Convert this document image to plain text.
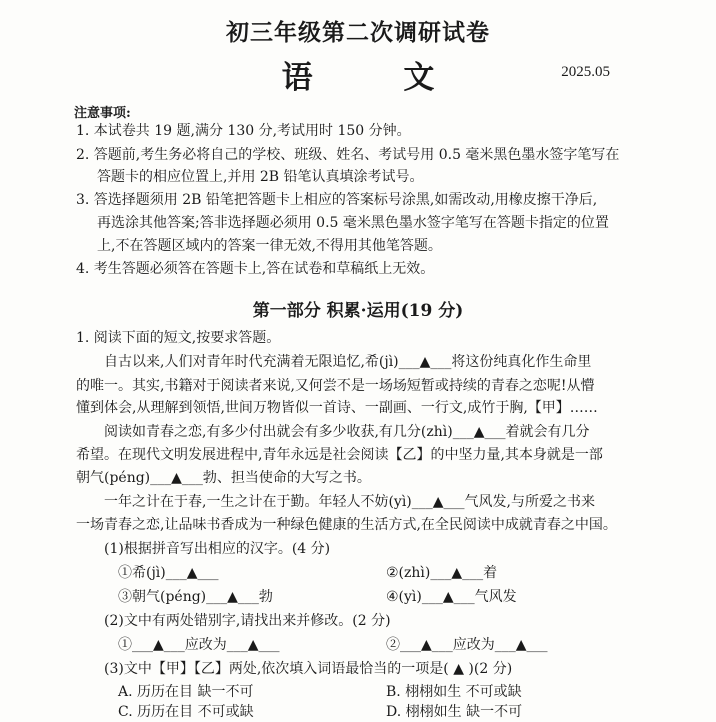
初三年级第二次调研试卷
语 文	2025.05
注意事项:
1. 本试卷共 19 题,满分 130 分,考试用时 150 分钟。
2. 答题前,考生务必将自己的学校、班级、姓名、考试号用 0.5 毫米黑色墨水签字笔写在
答题卡的相应位置上,并用 2B 铅笔认真填涂考试号。
3. 答选择题须用 2B 铅笔把答题卡上相应的答案标号涂黑,如需改动,用橡皮擦干净后,
再选涂其他答案;答非选择题必须用 0.5 毫米黑色墨水签字笔写在答题卡指定的位置
上,不在答题区域内的答案一律无效,不得用其他笔答题。
4. 考生答题必须答在答题卡上,答在试卷和草稿纸上无效。
第一部分 积累·运用(19 分)
1. 阅读下面的短文,按要求答题。
自古以来,人们对青年时代充满着无限追忆,希(jì)___▲___将这份纯真化作生命里
的唯一。其实,书籍对于阅读者来说,又何尝不是一场场短暂或持续的青春之恋呢!从懵
懂到体会,从理解到领悟,世间万物皆似一首诗、一副画、一行文,成竹于胸,【甲】……
阅读如青春之恋,有多少付出就会有多少收获,有几分(zhì)___▲___着就会有几分
希望。在现代文明发展进程中,青年永远是社会阅读【乙】的中坚力量,其本身就是一部
朝气(péng)___▲___勃、担当使命的大写之书。
一年之计在于春,一生之计在于勤。年轻人不妨(yì)___▲___气风发,与所爱之书来
一场青春之恋,让品味书香成为一种绿色健康的生活方式,在全民阅读中成就青春之中国。
(1)根据拼音写出相应的汉字。(4 分)
①希(jì)___▲___	②(zhì)___▲___着
③朝气(péng)___▲___勃	④(yì)___▲___气风发
(2)文中有两处错别字,请找出来并修改。(2 分)
①___▲___应改为___▲___	②___▲___应改为___▲___
(3)文中【甲】【乙】两处,依次填入词语最恰当的一项是( ▲ )(2 分)
A. 历历在目 缺一不可	B. 栩栩如生 不可或缺
C. 历历在目 不可或缺	D. 栩栩如生 缺一不可
